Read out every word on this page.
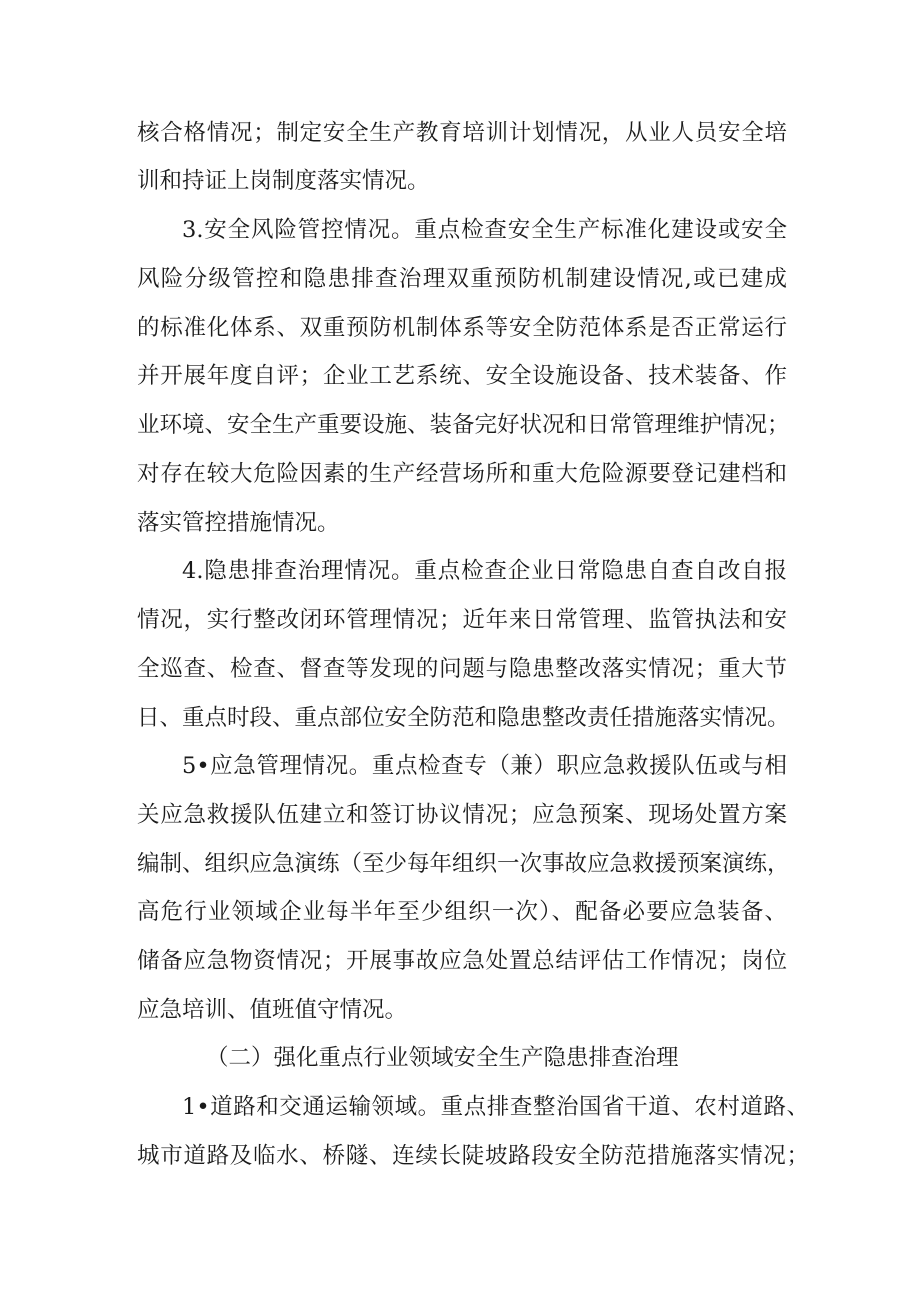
核合格情况；制定安全生产教育培训计划情况，从业人员安全培

训和持证上岗制度落实情况。

3.安全风险管控情况。重点检查安全生产标准化建设或安全

风险分级管控和隐患排查治理双重预防机制建设情况,或已建成

的标准化体系、双重预防机制体系等安全防范体系是否正常运行

并开展年度自评；企业工艺系统、安全设施设备、技术装备、作

业环境、安全生产重要设施、装备完好状况和日常管理维护情况；

对存在较大危险因素的生产经营场所和重大危险源要登记建档和

落实管控措施情况。

4.隐患排查治理情况。重点检查企业日常隐患自查自改自报

情况，实行整改闭环管理情况；近年来日常管理、监管执法和安

全巡查、检查、督查等发现的问题与隐患整改落实情况；重大节

日、重点时段、重点部位安全防范和隐患整改责任措施落实情况。

5•应急管理情况。重点检查专（兼）职应急救援队伍或与相

关应急救援队伍建立和签订协议情况；应急预案、现场处置方案

编制、组织应急演练（至少每年组织一次事故应急救援预案演练，

高危行业领域企业每半年至少组织一次）、配备必要应急装备、

储备应急物资情况；开展事故应急处置总结评估工作情况；岗位

应急培训、值班值守情况。

（二）强化重点行业领域安全生产隐患排查治理

1•道路和交通运输领域。重点排查整治国省干道、农村道路、

城市道路及临水、桥隧、连续长陡坡路段安全防范措施落实情况；
